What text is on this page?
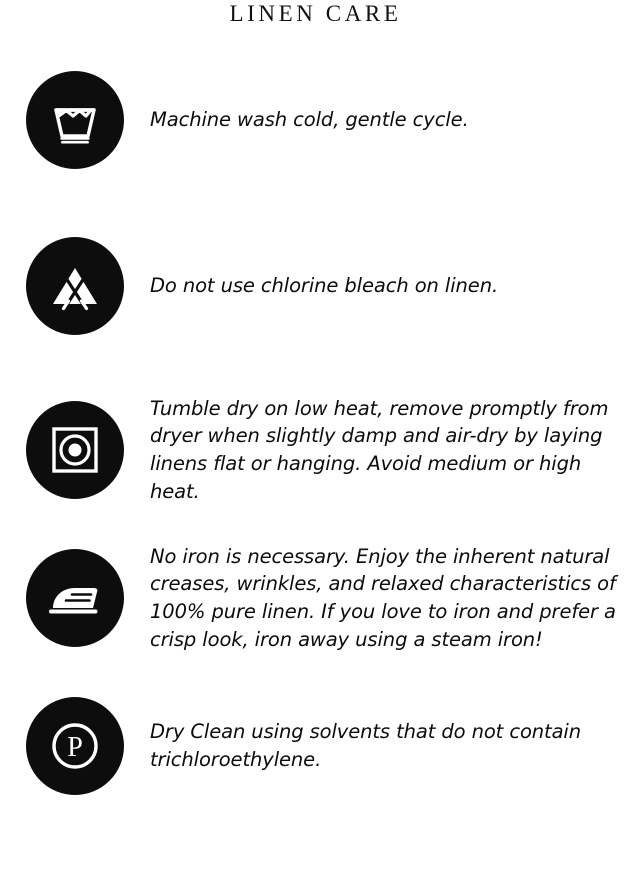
LINEN CARE
Machine wash cold, gentle cycle.
Do not use chlorine bleach on linen.
Tumble dry on low heat, remove promptly from dryer when slightly damp and air-dry by laying linens flat or hanging. Avoid medium or high heat.
No iron is necessary. Enjoy the inherent natural creases, wrinkles, and relaxed characteristics of 100% pure linen. If you love to iron and prefer a crisp look, iron away using a steam iron!
P
Dry Clean using solvents that do not contain trichloroethylene.
